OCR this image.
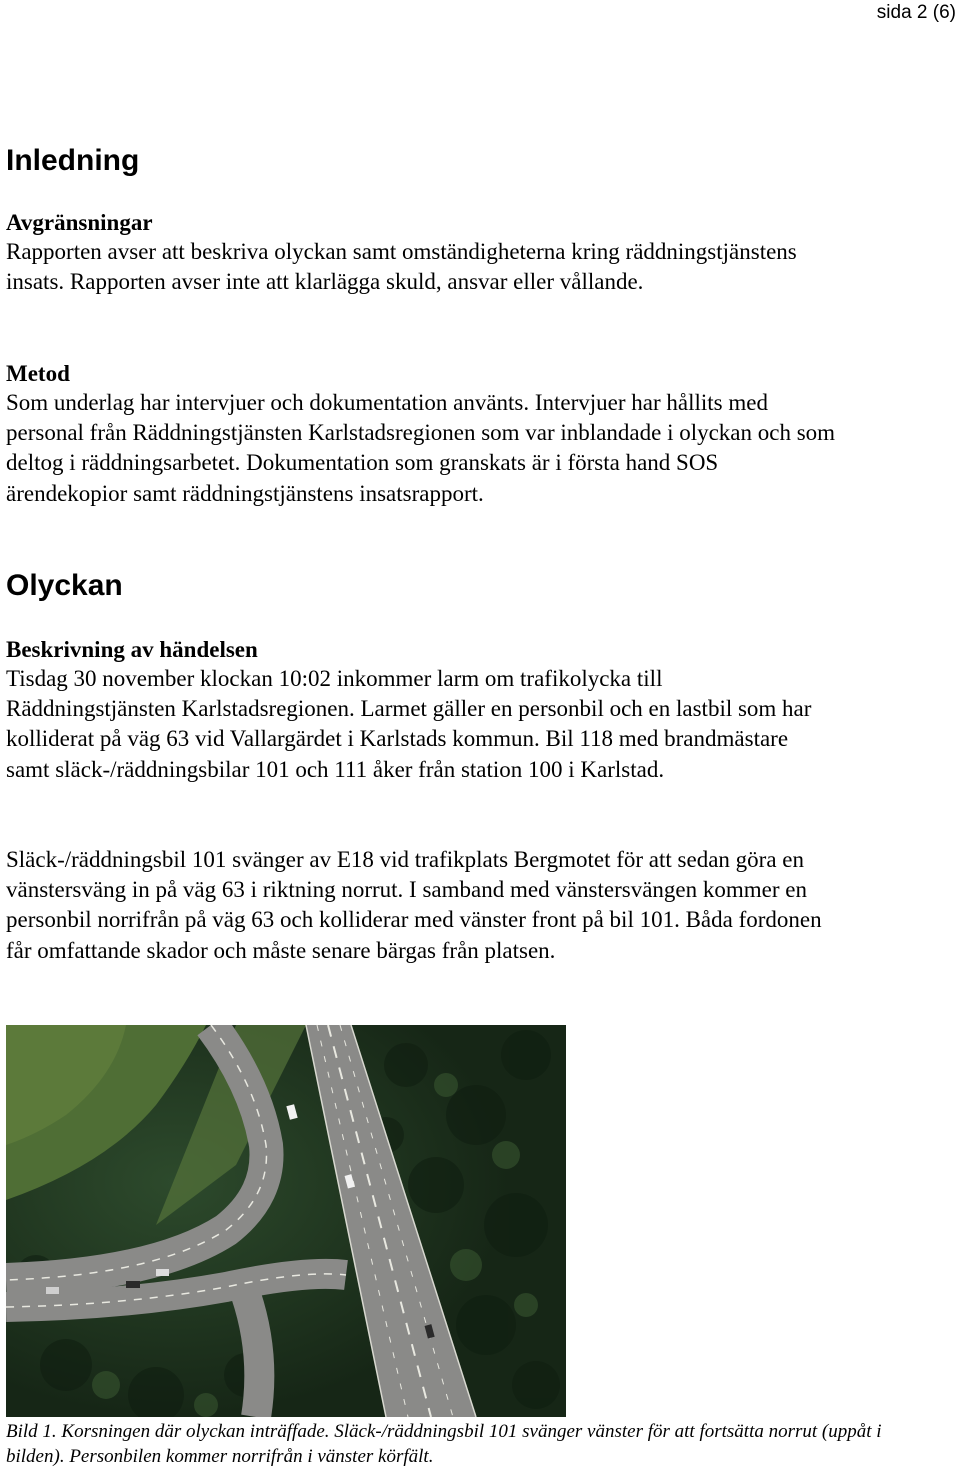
sida 2 (6)
Inledning
Avgränsningar

Rapporten avser att beskriva olyckan samt omständigheterna kring räddningstjänstens insats. Rapporten avser inte att klarlägga skuld, ansvar eller vållande.

Metod

Som underlag har intervjuer och dokumentation använts. Intervjuer har hållits med personal från Räddningstjänsten Karlstadsregionen som var inblandade i olyckan och som deltog i räddningsarbetet. Dokumentation som granskats är i första hand SOS ärendekopior samt räddningstjänstens insatsrapport.

Olyckan
Beskrivning av händelsen

Tisdag 30 november klockan 10:02 inkommer larm om trafikolycka till Räddningstjänsten Karlstadsregionen. Larmet gäller en personbil och en lastbil som har kolliderat på väg 63 vid Vallargärdet i Karlstads kommun. Bil 118 med brandmästare samt släck-/räddningsbilar 101 och 111 åker från station 100 i Karlstad.

Släck-/räddningsbil 101 svänger av E18 vid trafikplats Bergmotet för att sedan göra en vänstersväng in på väg 63 i riktning norrut. I samband med vänstersvängen kommer en personbil norrifrån på väg 63 och kolliderar med vänster front på bil 101. Båda fordonen får omfattande skador och måste senare bärgas från platsen.

Bild 1. Korsningen där olyckan inträffade. Släck-/räddningsbil 101 svänger vänster för att fortsätta norrut (uppåt i bilden). Personbilen kommer norrifrån i vänster körfält.
